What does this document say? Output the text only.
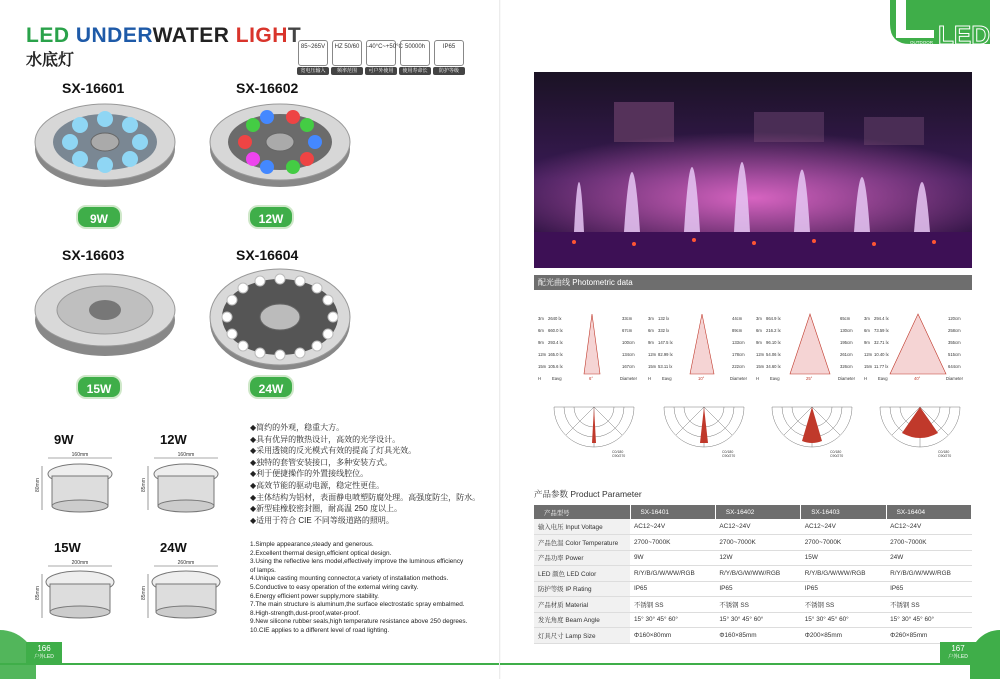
LED UNDERWATER LIGHT
水底灯
85~265V
宽电压输入
HZ 50/60
频率范围
-40°C~+50°C
可户外使用
50000h
使用寿命长
IP65
防护等级
SX-16601
9W
SX-16602
12W
SX-16603
15W
SX-16604
24W
9W	12W
15W	24W
160mm
80mm
160mm
85mm
200mm
85mm
260mm
85mm
◆简约的外观，稳重大方。
◆具有优异的散热设计，高效的光学设计。
◆采用透镜的反光模式有效的提高了灯具光效。
◆独特的套管安装接口，多种安装方式。
◆利于便捷操作的外置接线腔位。
◆高效节能的驱动电源，稳定性更佳。
◆主体结构为铝材，表面静电喷塑防腐处理。高强度防尘，防水。
◆新型硅橡胶密封圈，耐高温 250 度以上。
◆适用于符合 CIE 不同等级道路的照明。
1.Simple appearance,steady and generous.
2.Excellent thermal design,efficient optical design.
3.Using the reflective lens model,effectively improve the luminous efficiency of lamps.
4.Unique casting mounting connector,a variety of installation methods.
5.Conductive to easy operation of the external wiring cavity.
6.Energy efficient power supply,more stability.
7.The main structure is aluminum,the surface electrostatic spray embalmed.
8.High-strength,dust-proof,water-proof.
9.New silicone rubber seals,high temperature resistance above 250 degrees.
10.CIE applies to a different level of road lighting.
166
户外LED
OUTDOOR LED
配光曲线 Photometric data
3m 2640 lx	33cm
6m 660.0 lx	67cm
9m 293.4 lx	100cm
12m 165.0 lx	134cm
15m 105.6 lx	167cm
H	Eavg	6°	Diameter
3m 132 lx	44cm
6m 332 lx	89cm
9m 147.5 lx	133cm
12m 82.99 lx	178cm
15m 53.11 lx	222cm
H	Eavg	10°	Diameter
3m 864.9 lx	65cm
6m 216.2 lx	130cm
9m 96.10 lx	195cm
12m 54.06 lx	261cm
15m 34.60 lx	326cm
H	Eavg	25°	Diameter
3m 294.4 lx	120cm
6m 73.59 lx	258cm
9m 32.71 lx	355cm
12m 10.40 lx	515cm
15m 11.77 lx	644cm
H	Eavg	40°	Diameter
C0/180
C90/270
C0/180
C90/270
C0/180
C90/270
C0/180
C90/270
产品参数 Product Parameter
产品型号	SX-16401	SX-16402	SX-16403	SX-16404
输入电压 Input Voltage	AC12~24V	AC12~24V	AC12~24V	AC12~24V
产品色温 Color Temperature	2700~7000K	2700~7000K	2700~7000K	2700~7000K
产品功率 Power	9W	12W	15W	24W
LED 颜色 LED Color	R/Y/B/G/W/WW/RGB	R/Y/B/G/W/WW/RGB	R/Y/B/G/W/WW/RGB	R/Y/B/G/W/WW/RGB
防护等级 IP Rating	IP65	IP65	IP65	IP65
产品材质 Material	不锈钢 SS	不锈钢 SS	不锈钢 SS	不锈钢 SS
发光角度 Beam Angle	15° 30° 45° 60°	15° 30° 45° 60°	15° 30° 45° 60°	15° 30° 45° 60°
灯具尺寸 Lamp Size	Φ160×80mm	Φ160×85mm	Φ200×85mm	Φ260×85mm
167
户外LED
